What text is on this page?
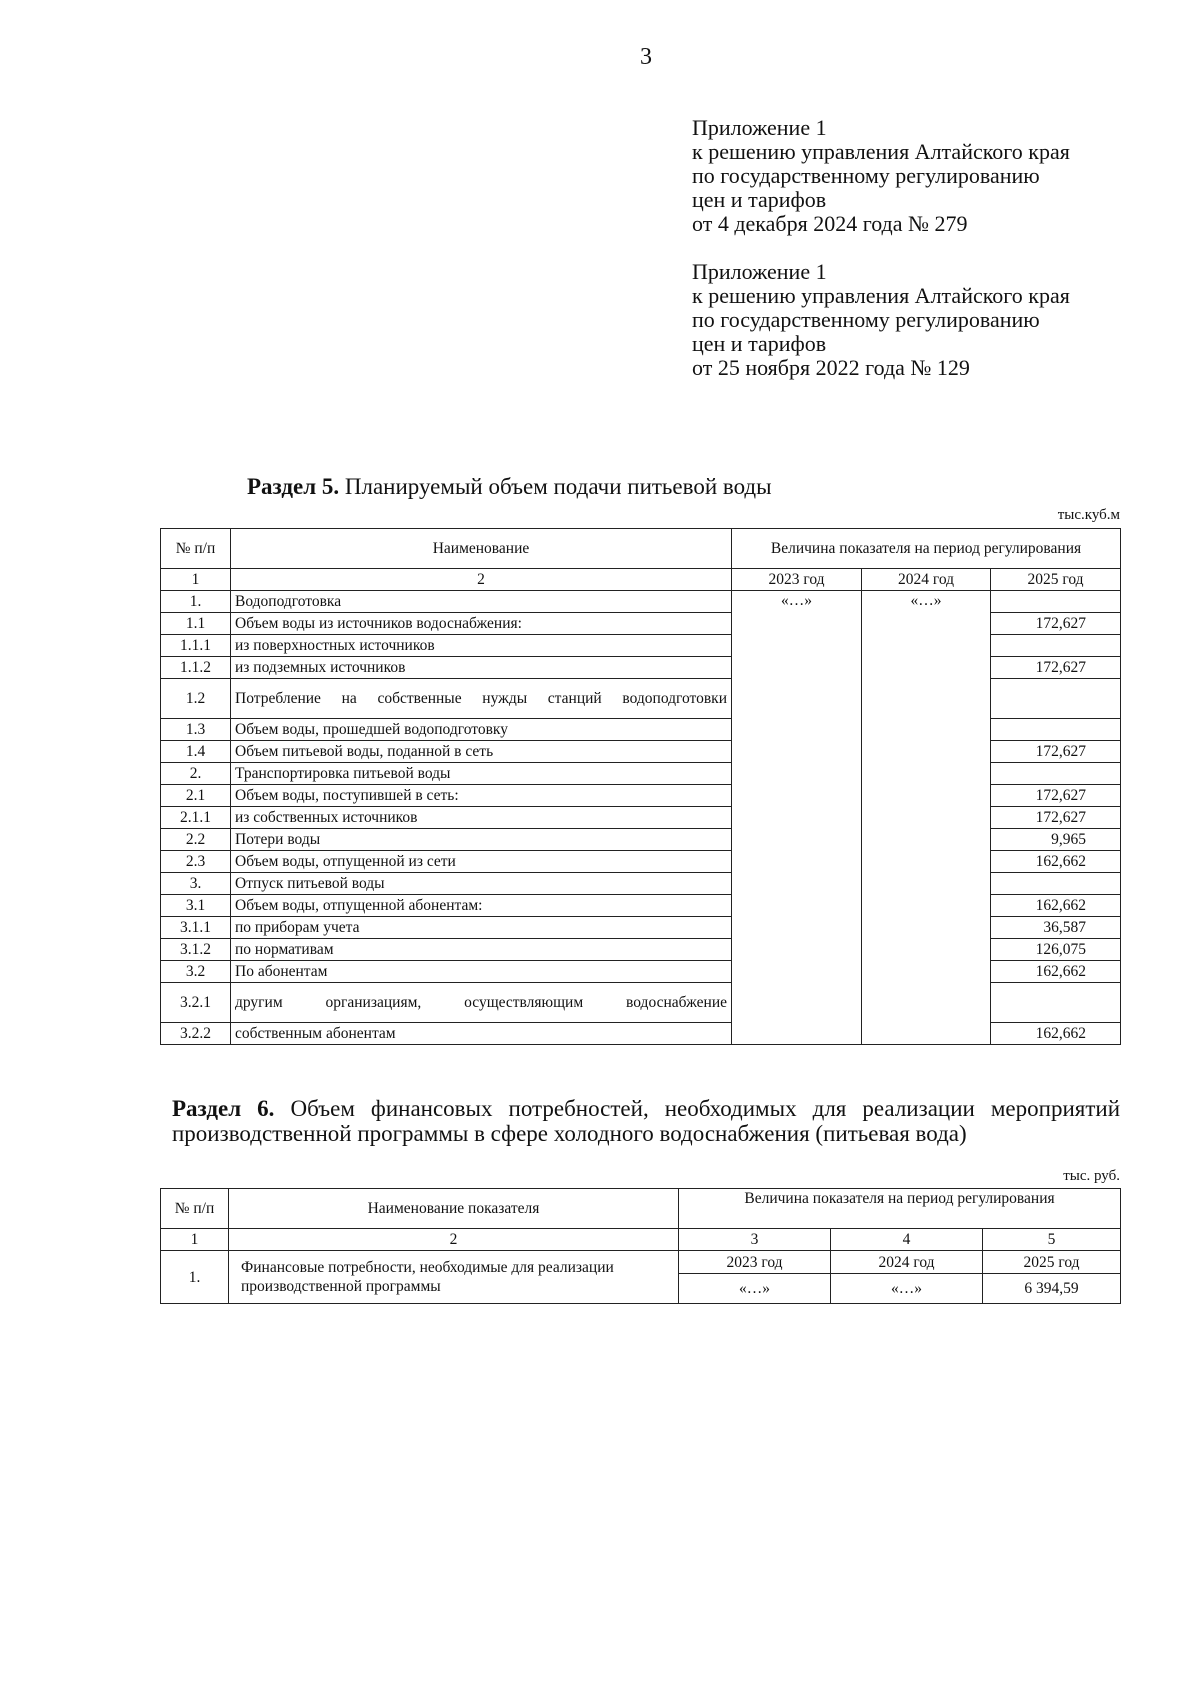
3
Приложение 1
к решению управления Алтайского края
по государственному регулированию
цен и тарифов
от 4 декабря 2024 года № 279
Приложение 1
к решению управления Алтайского края
по государственному регулированию
цен и тарифов
от 25 ноября 2022 года № 129
Раздел 5. Планируемый объем подачи питьевой воды
тыс.куб.м
№ п/п	Наименование	Величина показателя на период регулирования		

1	2	2023 год	2024 год	2025 год
1.	Водоподготовка	«…»	«…»	
1.1	Объем воды из источников водоснабжения:			172,627
1.1.1	из поверхностных источников			
1.1.2	из подземных источников			172,627
1.2	Потребление на собственные нужды станций водоподготовки			
1.3	Объем воды, прошедшей водоподготовку			
1.4	Объем питьевой воды, поданной в сеть			172,627
2.	Транспортировка питьевой воды			
2.1	Объем воды, поступившей в сеть:			172,627
2.1.1	из собственных источников			172,627
2.2	Потери воды			9,965
2.3	Объем воды, отпущенной из сети			162,662
3.	Отпуск питьевой воды			
3.1	Объем воды, отпущенной абонентам:			162,662
3.1.1	по приборам учета			36,587
3.1.2	по нормативам			126,075
3.2	По абонентам			162,662
3.2.1	другим организациям, осуществляющим водоснабжение			
3.2.2	собственным абонентам			162,662
Раздел 6. Объем финансовых потребностей, необходимых для реализации мероприятий производственной программы в сфере холодного водоснабжения (питьевая вода)
тыс. руб.
№ п/п	Наименование показателя	Величина показателя на период регулирования		
1	2	3	4	5
1.	Финансовые потребности, необходимые для реализации производственной программы	2023 год	2024 год	2025 год
		«…»	«…»	6 394,59
